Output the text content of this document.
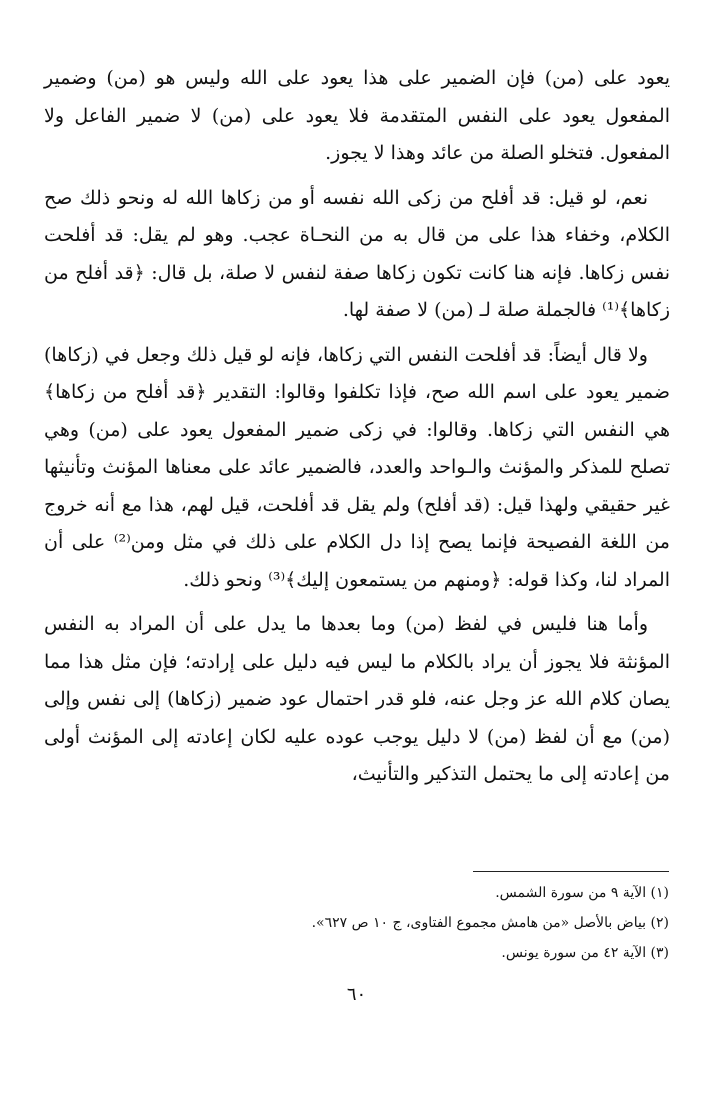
يعود على (من) فإن الضمير على هذا يعود على الله وليس هو (من) وضمير المفعول يعود على النفس المتقدمة فلا يعود على (من) لا ضمير الفاعل ولا المفعول. فتخلو الصلة من عائد وهذا لا يجوز.

نعم، لو قيل: قد أفلح من زكى الله نفسه أو من زكاها الله له ونحو ذلك صح الكلام، وخفاء هذا على من قال به من النحـاة عجب. وهو لم يقل: قد أفلحت نفس زكاها. فإنه هنا كانت تكون زكاها صفة لنفس لا صلة، بل قال: ﴿قد أفلح من زكاها﴾⁽¹⁾ فالجملة صلة لـ (من) لا صفة لها.

ولا قال أيضاً: قد أفلحت النفس التي زكاها، فإنه لو قيل ذلك وجعل في (زكاها) ضمير يعود على اسم الله صح، فإذا تكلفوا وقالوا: التقدير ﴿قد أفلح من زكاها﴾ هي النفس التي زكاها. وقالوا: في زكى ضمير المفعول يعود على (من) وهي تصلح للمذكر والمؤنث والـواحد والعدد، فالضمير عائد على معناها المؤنث وتأنيثها غير حقيقي ولهذا قيل: (قد أفلح) ولم يقل قد أفلحت، قيل لهم، هذا مع أنه خروج من اللغة الفصيحة فإنما يصح إذا دل الكلام على ذلك في مثل ومن⁽²⁾ على أن المراد لنا، وكذا قوله: ﴿ومنهم من يستمعون إليك﴾⁽³⁾ ونحو ذلك.

وأما هنا فليس في لفظ (من) وما بعدها ما يدل على أن المراد به النفس المؤنثة فلا يجوز أن يراد بالكلام ما ليس فيه دليل على إرادته؛ فإن مثل هذا مما يصان كلام الله عز وجل عنه، فلو قدر احتمال عود ضمير (زكاها) إلى نفس وإلى (من) مع أن لفظ (من) لا دليل يوجب عوده عليه لكان إعادته إلى المؤنث أولى من إعادته إلى ما يحتمل التذكير والتأنيث،

(١) الآية ٩ من سورة الشمس.

(٢) بياض بالأصل «من هامش مجموع الفتاوى، ج ١٠ ص ٦٢٧».

(٣) الآية ٤٢ من سورة يونس.

٦٠
